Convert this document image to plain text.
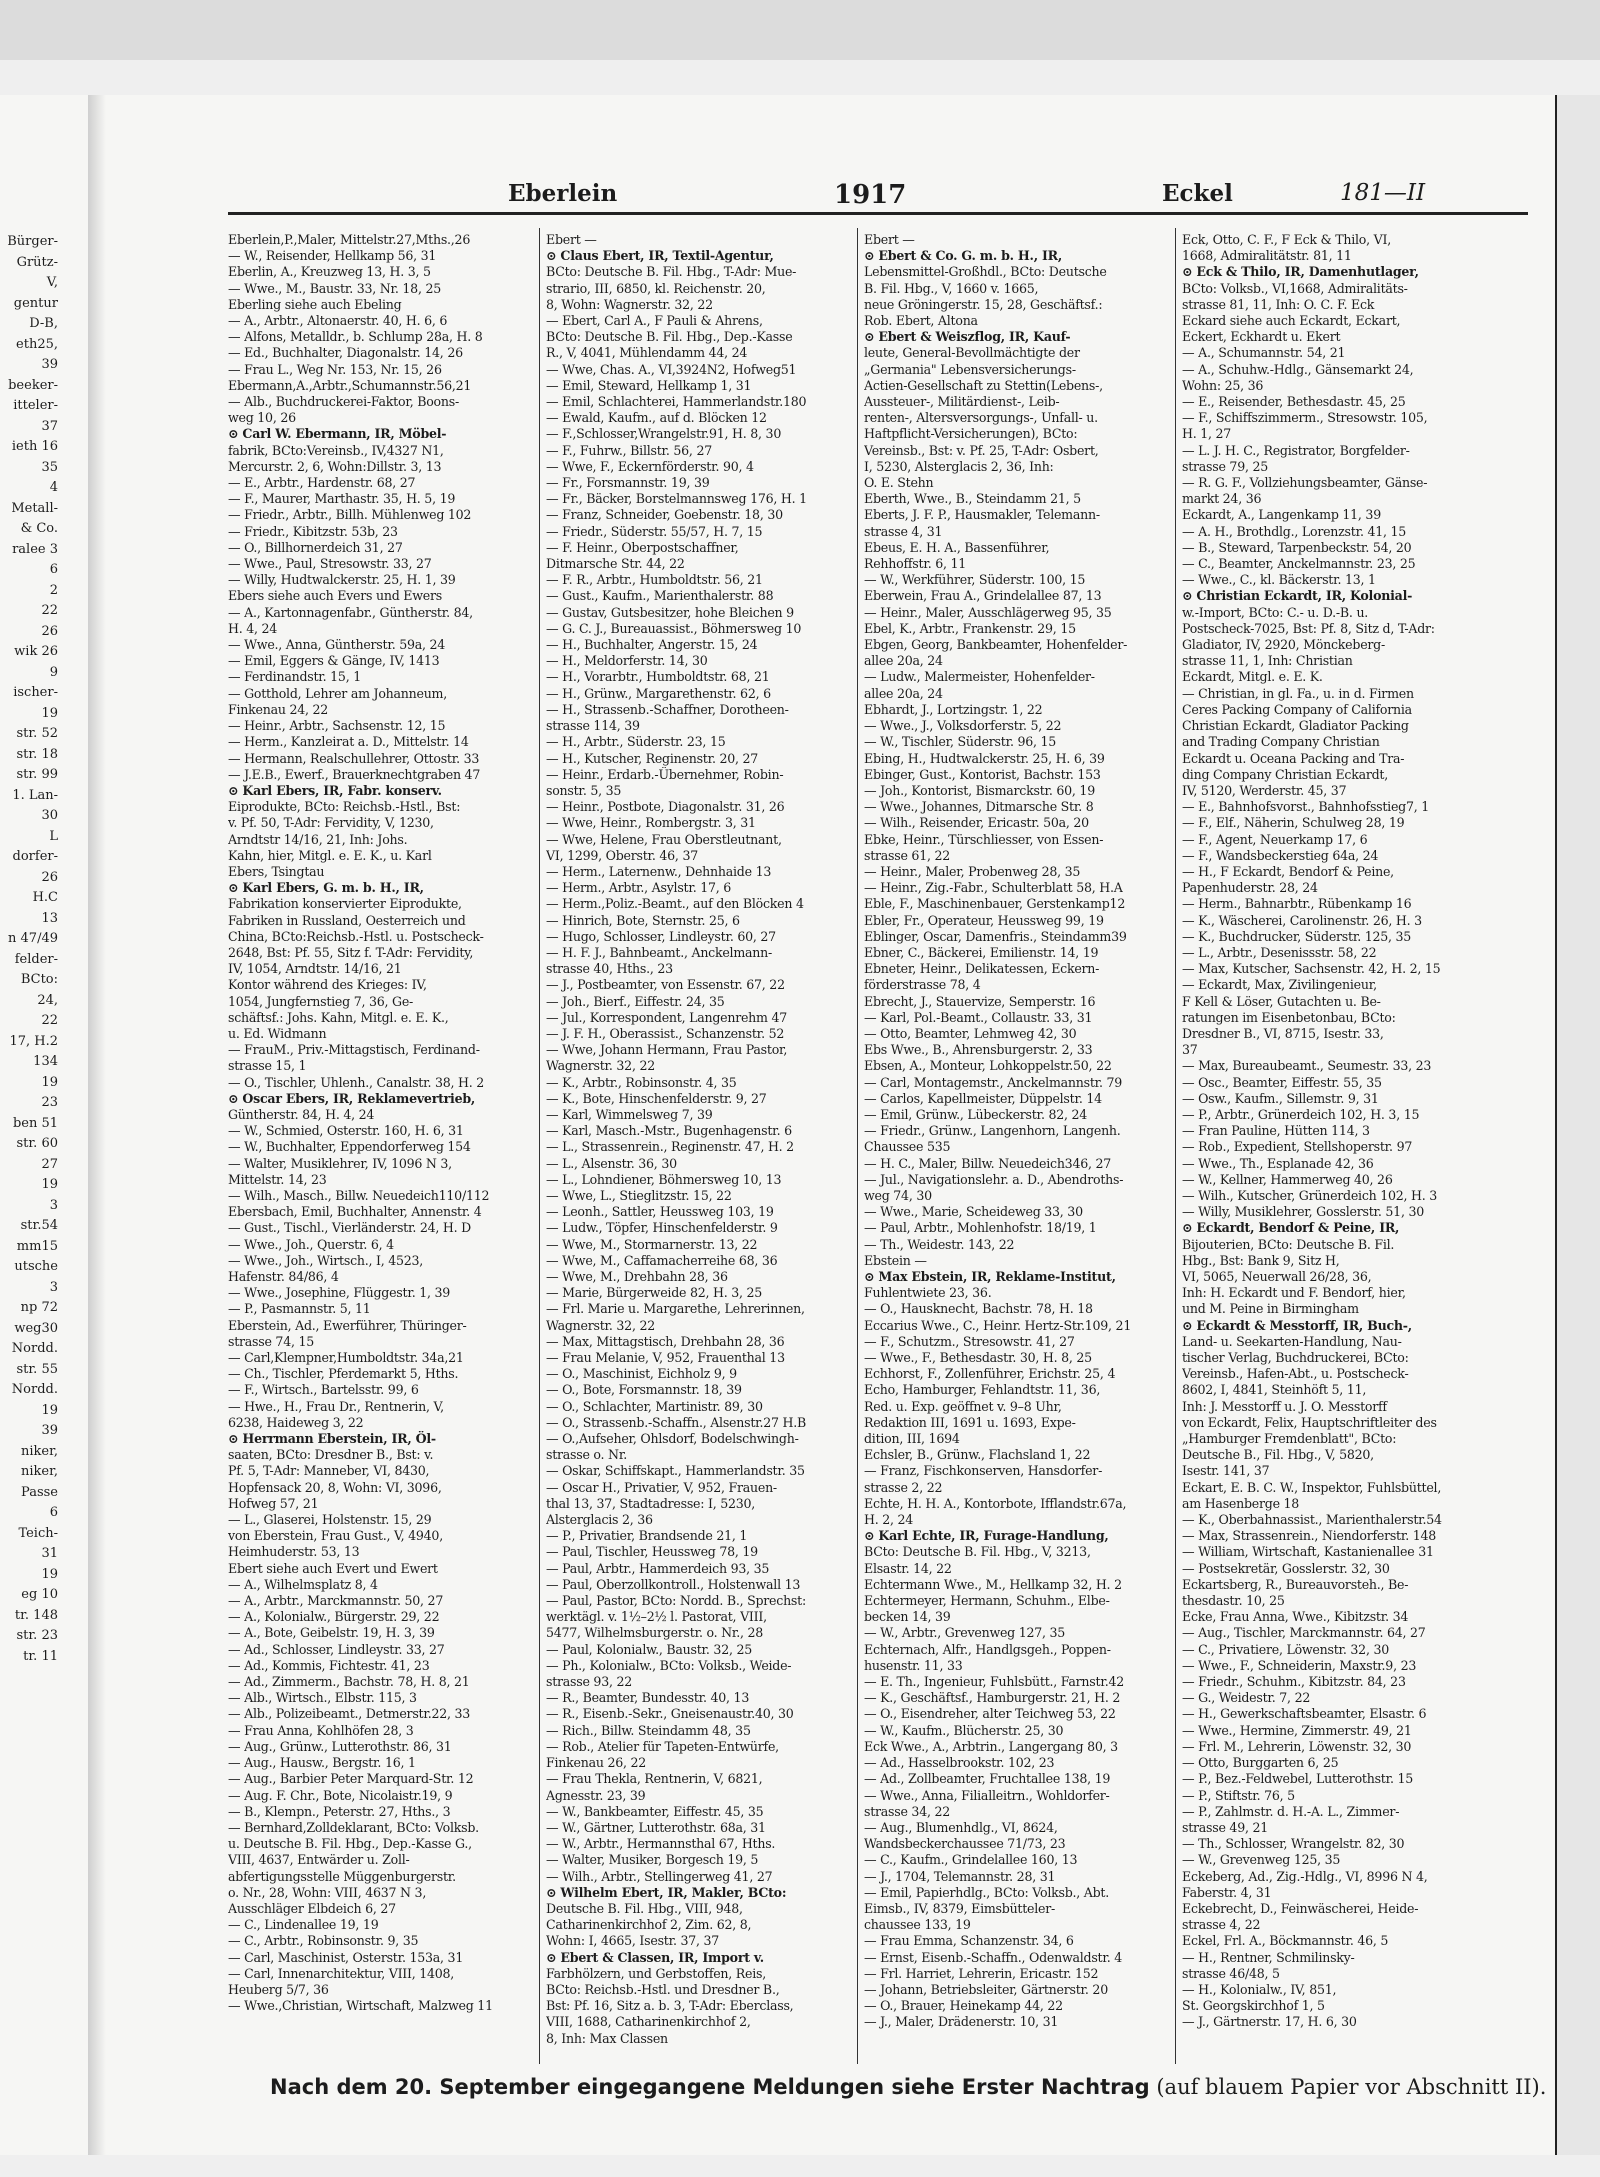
Eberlein	1917	Eckel	181—II
Bürger-
Grütz-
V,
gentur
D-B,
eth25,
39
beeker-
itteler-
37
ieth 16
35
4
Metall-
& Co.
ralee 3
6
2
22
26
wik 26
9
ischer-
19
str. 52
str. 18
str. 99
1. Lan-
30
L
dorfer-
26
H.C
13
n 47/49
felder-
BCto:
24,
22
17, H.2
134
19
23
ben 51
str. 60
27
19
3
str.54
mm15
utsche
3
np 72
weg30
Nordd.
str. 55
Nordd.
19
39
niker,
niker,
Passe
6
Teich-
31
19
eg 10
tr. 148
str. 23
tr. 11
Eberlein,P.,Maler, Mittelstr.27,Mths.,26
— W., Reisender, Hellkamp 56, 31
Eberlin, A., Kreuzweg 13, H. 3, 5
— Wwe., M., Baustr. 33, Nr. 18, 25
Eberling siehe auch Ebeling
— A., Arbtr., Altonaerstr. 40, H. 6, 6
— Alfons, Metalldr., b. Schlump 28a, H. 8
— Ed., Buchhalter, Diagonalstr. 14, 26
— Frau L., Weg Nr. 153, Nr. 15, 26
Ebermann,A.,Arbtr.,Schumannstr.56,21
— Alb., Buchdruckerei-Faktor, Boons-
weg 10, 26
⊙ Carl W. Ebermann, IR, Möbel-
fabrik, BCto:Vereinsb., IV,4327 N1,
Mercurstr. 2, 6, Wohn:Dillstr. 3, 13
— E., Arbtr., Hardenstr. 68, 27
— F., Maurer, Marthastr. 35, H. 5, 19
— Friedr., Arbtr., Billh. Mühlenweg 102
— Friedr., Kibitzstr. 53b, 23
— O., Billhornerdeich 31, 27
— Wwe., Paul, Stresowstr. 33, 27
— Willy, Hudtwalckerstr. 25, H. 1, 39
Ebers siehe auch Evers und Ewers
— A., Kartonnagenfabr., Güntherstr. 84,
H. 4, 24
— Wwe., Anna, Güntherstr. 59a, 24
— Emil, Eggers & Gänge, IV, 1413
— Ferdinandstr. 15, 1
— Gotthold, Lehrer am Johanneum,
Finkenau 24, 22
— Heinr., Arbtr., Sachsenstr. 12, 15
— Herm., Kanzleirat a. D., Mittelstr. 14
— Hermann, Realschullehrer, Ottostr. 33
— J.E.B., Ewerf., Brauerknechtgraben 47
⊙ Karl Ebers, IR, Fabr. konserv.
Eiprodukte, BCto: Reichsb.-Hstl., Bst:
v. Pf. 50, T-Adr: Fervidity, V, 1230,
Arndtstr 14/16, 21, Inh: Johs.
Kahn, hier, Mitgl. e. E. K., u. Karl
Ebers, Tsingtau
⊙ Karl Ebers, G. m. b. H., IR,
Fabrikation konservierter Eiprodukte,
Fabriken in Russland, Oesterreich und
China, BCto:Reichsb.-Hstl. u. Postscheck-
2648, Bst: Pf. 55, Sitz f. T-Adr: Fervidity,
IV, 1054, Arndtstr. 14/16, 21
Kontor während des Krieges: IV,
1054, Jungfernstieg 7, 36, Ge-
schäftsf.: Johs. Kahn, Mitgl. e. E. K.,
u. Ed. Widmann
— FrauM., Priv.-Mittagstisch, Ferdinand-
strasse 15, 1
— O., Tischler, Uhlenh., Canalstr. 38, H. 2
⊙ Oscar Ebers, IR, Reklamevertrieb,
Güntherstr. 84, H. 4, 24
— W., Schmied, Osterstr. 160, H. 6, 31
— W., Buchhalter, Eppendorferweg 154
— Walter, Musiklehrer, IV, 1096 N 3,
Mittelstr. 14, 23
— Wilh., Masch., Billw. Neuedeich110/112
Ebersbach, Emil, Buchhalter, Annenstr. 4
— Gust., Tischl., Vierländerstr. 24, H. D
— Wwe., Joh., Querstr. 6, 4
— Wwe., Joh., Wirtsch., I, 4523,
Hafenstr. 84/86, 4
— Wwe., Josephine, Flüggestr. 1, 39
— P., Pasmannstr. 5, 11
Eberstein, Ad., Ewerführer, Thüringer-
strasse 74, 15
— Carl,Klempner,Humboldtstr. 34a,21
— Ch., Tischler, Pferdemarkt 5, Hths.
— F., Wirtsch., Bartelsstr. 99, 6
— Hwe., H., Frau Dr., Rentnerin, V,
6238, Haideweg 3, 22
⊙ Herrmann Eberstein, IR, Öl-
saaten, BCto: Dresdner B., Bst: v.
Pf. 5, T-Adr: Manneber, VI, 8430,
Hopfensack 20, 8, Wohn: VI, 3096,
Hofweg 57, 21
— L., Glaserei, Holstenstr. 15, 29
von Eberstein, Frau Gust., V, 4940,
Heimhuderstr. 53, 13
Ebert siehe auch Evert und Ewert
— A., Wilhelmsplatz 8, 4
— A., Arbtr., Marckmannstr. 50, 27
— A., Kolonialw., Bürgerstr. 29, 22
— A., Bote, Geibelstr. 19, H. 3, 39
— Ad., Schlosser, Lindleystr. 33, 27
— Ad., Kommis, Fichtestr. 41, 23
— Ad., Zimmerm., Bachstr. 78, H. 8, 21
— Alb., Wirtsch., Elbstr. 115, 3
— Alb., Polizeibeamt., Detmerstr.22, 33
— Frau Anna, Kohlhöfen 28, 3
— Aug., Grünw., Lutterothstr. 86, 31
— Aug., Hausw., Bergstr. 16, 1
— Aug., Barbier Peter Marquard-Str. 12
— Aug. F. Chr., Bote, Nicolaistr.19, 9
— B., Klempn., Peterstr. 27, Hths., 3
— Bernhard,Zolldeklarant, BCto: Volksb.
u. Deutsche B. Fil. Hbg., Dep.-Kasse G.,
VIII, 4637, Entwärder u. Zoll-
abfertigungsstelle Müggenburgerstr.
o. Nr., 28, Wohn: VIII, 4637 N 3,
Ausschläger Elbdeich 6, 27
— C., Lindenallee 19, 19
— C., Arbtr., Robinsonstr. 9, 35
— Carl, Maschinist, Osterstr. 153a, 31
— Carl, Innenarchitektur, VIII, 1408,
Heuberg 5/7, 36
— Wwe.,Christian, Wirtschaft, Malzweg 11
Ebert —
⊙ Claus Ebert, IR, Textil-Agentur,
BCto: Deutsche B. Fil. Hbg., T-Adr: Mue-
strario, III, 6850, kl. Reichenstr. 20,
8, Wohn: Wagnerstr. 32, 22
— Ebert, Carl A., F Pauli & Ahrens,
BCto: Deutsche B. Fil. Hbg., Dep.-Kasse
R., V, 4041, Mühlendamm 44, 24
— Wwe, Chas. A., VI,3924N2, Hofweg51
— Emil, Steward, Hellkamp 1, 31
— Emil, Schlachterei, Hammerlandstr.180
— Ewald, Kaufm., auf d. Blöcken 12
— F.,Schlosser,Wrangelstr.91, H. 8, 30
— F., Fuhrw., Billstr. 56, 27
— Wwe, F., Eckernförderstr. 90, 4
— Fr., Forsmannstr. 19, 39
— Fr., Bäcker, Borstelmannsweg 176, H. 1
— Franz, Schneider, Goebenstr. 18, 30
— Friedr., Süderstr. 55/57, H. 7, 15
— F. Heinr., Oberpostschaffner,
Ditmarsche Str. 44, 22
— F. R., Arbtr., Humboldtstr. 56, 21
— Gust., Kaufm., Marienthalerstr. 88
— Gustav, Gutsbesitzer, hohe Bleichen 9
— G. C. J., Bureauassist., Böhmersweg 10
— H., Buchhalter, Angerstr. 15, 24
— H., Meldorferstr. 14, 30
— H., Vorarbtr., Humboldtstr. 68, 21
— H., Grünw., Margarethenstr. 62, 6
— H., Strassenb.-Schaffner, Dorotheen-
strasse 114, 39
— H., Arbtr., Süderstr. 23, 15
— H., Kutscher, Reginenstr. 20, 27
— Heinr., Erdarb.-Übernehmer, Robin-
sonstr. 5, 35
— Heinr., Postbote, Diagonalstr. 31, 26
— Wwe, Heinr., Rombergstr. 3, 31
— Wwe, Helene, Frau Oberstleutnant,
VI, 1299, Oberstr. 46, 37
— Herm., Laternenw., Dehnhaide 13
— Herm., Arbtr., Asylstr. 17, 6
— Herm.,Poliz.-Beamt., auf den Blöcken 4
— Hinrich, Bote, Sternstr. 25, 6
— Hugo, Schlosser, Lindleystr. 60, 27
— H. F. J., Bahnbeamt., Anckelmann-
strasse 40, Hths., 23
— J., Postbeamter, von Essenstr. 67, 22
— Joh., Bierf., Eiffestr. 24, 35
— Jul., Korrespondent, Langenrehm 47
— J. F. H., Oberassist., Schanzenstr. 52
— Wwe, Johann Hermann, Frau Pastor,
Wagnerstr. 32, 22
— K., Arbtr., Robinsonstr. 4, 35
— K., Bote, Hinschenfelderstr. 9, 27
— Karl, Wimmelsweg 7, 39
— Karl, Masch.-Mstr., Bugenhagenstr. 6
— L., Strassenrein., Reginenstr. 47, H. 2
— L., Alsenstr. 36, 30
— L., Lohndiener, Böhmersweg 10, 13
— Wwe, L., Stieglitzstr. 15, 22
— Leonh., Sattler, Heussweg 103, 19
— Ludw., Töpfer, Hinschenfelderstr. 9
— Wwe, M., Stormarnerstr. 13, 22
— Wwe, M., Caffamacherreihe 68, 36
— Wwe, M., Drehbahn 28, 36
— Marie, Bürgerweide 82, H. 3, 25
— Frl. Marie u. Margarethe, Lehrerinnen,
Wagnerstr. 32, 22
— Max, Mittagstisch, Drehbahn 28, 36
— Frau Melanie, V, 952, Frauenthal 13
— O., Maschinist, Eichholz 9, 9
— O., Bote, Forsmannstr. 18, 39
— O., Schlachter, Martinistr. 89, 30
— O., Strassenb.-Schaffn., Alsenstr.27 H.B
— O.,Aufseher, Ohlsdorf, Bodelschwingh-
strasse o. Nr.
— Oskar, Schiffskapt., Hammerlandstr. 35
— Oscar H., Privatier, V, 952, Frauen-
thal 13, 37, Stadtadresse: I, 5230,
Alsterglacis 2, 36
— P., Privatier, Brandsende 21, 1
— Paul, Tischler, Heussweg 78, 19
— Paul, Arbtr., Hammerdeich 93, 35
— Paul, Oberzollkontroll., Holstenwall 13
— Paul, Pastor, BCto: Nordd. B., Sprechst:
werktägl. v. 1½–2½ l. Pastorat, VIII,
5477, Wilhelmsburgerstr. o. Nr., 28
— Paul, Kolonialw., Baustr. 32, 25
— Ph., Kolonialw., BCto: Volksb., Weide-
strasse 93, 22
— R., Beamter, Bundesstr. 40, 13
— R., Eisenb.-Sekr., Gneisenaustr.40, 30
— Rich., Billw. Steindamm 48, 35
— Rob., Atelier für Tapeten-Entwürfe,
Finkenau 26, 22
— Frau Thekla, Rentnerin, V, 6821,
Agnesstr. 23, 39
— W., Bankbeamter, Eiffestr. 45, 35
— W., Gärtner, Lutterothstr. 68a, 31
— W., Arbtr., Hermannsthal 67, Hths.
— Walter, Musiker, Borgesch 19, 5
— Wilh., Arbtr., Stellingerweg 41, 27
⊙ Wilhelm Ebert, IR, Makler, BCto:
Deutsche B. Fil. Hbg., VIII, 948,
Catharinenkirchhof 2, Zim. 62, 8,
Wohn: I, 4665, Isestr. 37, 37
⊙ Ebert & Classen, IR, Import v.
Farbhölzern, und Gerbstoffen, Reis,
BCto: Reichsb.-Hstl. und Dresdner B.,
Bst: Pf. 16, Sitz a. b. 3, T-Adr: Eberclass,
VIII, 1688, Catharinenkirchhof 2,
8, Inh: Max Classen
Ebert —
⊙ Ebert & Co. G. m. b. H., IR,
Lebensmittel-Großhdl., BCto: Deutsche
B. Fil. Hbg., V, 1660 v. 1665,
neue Gröningerstr. 15, 28, Geschäftsf.:
Rob. Ebert, Altona
⊙ Ebert & Weiszflog, IR, Kauf-
leute, General-Bevollmächtigte der
„Germania" Lebensversicherungs-
Actien-Gesellschaft zu Stettin(Lebens-,
Aussteuer-, Militärdienst-, Leib-
renten-, Altersversorgungs-, Unfall- u.
Haftpflicht-Versicherungen), BCto:
Vereinsb., Bst: v. Pf. 25, T-Adr: Osbert,
I, 5230, Alsterglacis 2, 36, Inh:
O. E. Stehn
Eberth, Wwe., B., Steindamm 21, 5
Eberts, J. F. P., Hausmakler, Telemann-
strasse 4, 31
Ebeus, E. H. A., Bassenführer,
Rehhoffstr. 6, 11
— W., Werkführer, Süderstr. 100, 15
Eberwein, Frau A., Grindelallee 87, 13
— Heinr., Maler, Ausschlägerweg 95, 35
Ebel, K., Arbtr., Frankenstr. 29, 15
Ebgen, Georg, Bankbeamter, Hohenfelder-
allee 20a, 24
— Ludw., Malermeister, Hohenfelder-
allee 20a, 24
Ebhardt, J., Lortzingstr. 1, 22
— Wwe., J., Volksdorferstr. 5, 22
— W., Tischler, Süderstr. 96, 15
Ebing, H., Hudtwalckerstr. 25, H. 6, 39
Ebinger, Gust., Kontorist, Bachstr. 153
— Joh., Kontorist, Bismarckstr. 60, 19
— Wwe., Johannes, Ditmarsche Str. 8
— Wilh., Reisender, Ericastr. 50a, 20
Ebke, Heinr., Türschliesser, von Essen-
strasse 61, 22
— Heinr., Maler, Probenweg 28, 35
— Heinr., Zig.-Fabr., Schulterblatt 58, H.A
Eble, F., Maschinenbauer, Gerstenkamp12
Ebler, Fr., Operateur, Heussweg 99, 19
Eblinger, Oscar, Damenfris., Steindamm39
Ebner, C., Bäckerei, Emilienstr. 14, 19
Ebneter, Heinr., Delikatessen, Eckern-
förderstrasse 78, 4
Ebrecht, J., Stauervize, Semperstr. 16
— Karl, Pol.-Beamt., Collaustr. 33, 31
— Otto, Beamter, Lehmweg 42, 30
Ebs Wwe., B., Ahrensburgerstr. 2, 33
Ebsen, A., Monteur, Lohkoppelstr.50, 22
— Carl, Montagemstr., Anckelmannstr. 79
— Carlos, Kapellmeister, Düppelstr. 14
— Emil, Grünw., Lübeckerstr. 82, 24
— Friedr., Grünw., Langenhorn, Langenh.
Chaussee 535
— H. C., Maler, Billw. Neuedeich346, 27
— Jul., Navigationslehr. a. D., Abendroths-
weg 74, 30
— Wwe., Marie, Scheideweg 33, 30
— Paul, Arbtr., Mohlenhofstr. 18/19, 1
— Th., Weidestr. 143, 22
Ebstein —
⊙ Max Ebstein, IR, Reklame-Institut,
Fuhlentwiete 23, 36.
— O., Hausknecht, Bachstr. 78, H. 18
Eccarius Wwe., C., Heinr. Hertz-Str.109, 21
— F., Schutzm., Stresowstr. 41, 27
— Wwe., F., Bethesdastr. 30, H. 8, 25
Echhorst, F., Zollenführer, Erichstr. 25, 4
Echo, Hamburger, Fehlandtstr. 11, 36,
Red. u. Exp. geöffnet v. 9–8 Uhr,
Redaktion III, 1691 u. 1693, Expe-
dition, III, 1694
Echsler, B., Grünw., Flachsland 1, 22
— Franz, Fischkonserven, Hansdorfer-
strasse 2, 22
Echte, H. H. A., Kontorbote, Ifflandstr.67a,
H. 2, 24
⊙ Karl Echte, IR, Furage-Handlung,
BCto: Deutsche B. Fil. Hbg., V, 3213,
Elsastr. 14, 22
Echtermann Wwe., M., Hellkamp 32, H. 2
Echtermeyer, Hermann, Schuhm., Elbe-
becken 14, 39
— W., Arbtr., Grevenweg 127, 35
Echternach, Alfr., Handlgsgeh., Poppen-
husenstr. 11, 33
— E. Th., Ingenieur, Fuhlsbütt., Farnstr.42
— K., Geschäftsf., Hamburgerstr. 21, H. 2
— O., Eisendreher, alter Teichweg 53, 22
— W., Kaufm., Blücherstr. 25, 30
Eck Wwe., A., Arbtrin., Langergang 80, 3
— Ad., Hasselbrookstr. 102, 23
— Ad., Zollbeamter, Fruchtallee 138, 19
— Wwe., Anna, Filialleitrn., Wohldorfer-
strasse 34, 22
— Aug., Blumenhdlg., VI, 8624,
Wandsbeckerchaussee 71/73, 23
— C., Kaufm., Grindelallee 160, 13
— J., 1704, Telemannstr. 28, 31
— Emil, Papierhdlg., BCto: Volksb., Abt.
Eimsb., IV, 8379, Eimsbütteler-
chaussee 133, 19
— Frau Emma, Schanzenstr. 34, 6
— Ernst, Eisenb.-Schaffn., Odenwaldstr. 4
— Frl. Harriet, Lehrerin, Ericastr. 152
— Johann, Betriebsleiter, Gärtnerstr. 20
— O., Brauer, Heinekamp 44, 22
— J., Maler, Drädenerstr. 10, 31
Eck, Otto, C. F., F Eck & Thilo, VI,
1668, Admiralitätstr. 81, 11
⊙ Eck & Thilo, IR, Damenhutlager,
BCto: Volksb., VI,1668, Admiralitäts-
strasse 81, 11, Inh: O. C. F. Eck
Eckard siehe auch Eckardt, Eckart,
Eckert, Eckhardt u. Ekert
— A., Schumannstr. 54, 21
— A., Schuhw.-Hdlg., Gänsemarkt 24,
Wohn: 25, 36
— E., Reisender, Bethesdastr. 45, 25
— F., Schiffszimmerm., Stresowstr. 105,
H. 1, 27
— L. J. H. C., Registrator, Borgfelder-
strasse 79, 25
— R. G. F., Vollziehungsbeamter, Gänse-
markt 24, 36
Eckardt, A., Langenkamp 11, 39
— A. H., Brothdlg., Lorenzstr. 41, 15
— B., Steward, Tarpenbeckstr. 54, 20
— C., Beamter, Anckelmannstr. 23, 25
— Wwe., C., kl. Bäckerstr. 13, 1
⊙ Christian Eckardt, IR, Kolonial-
w.-Import, BCto: C.- u. D.-B. u.
Postscheck-7025, Bst: Pf. 8, Sitz d, T-Adr:
Gladiator, IV, 2920, Mönckeberg-
strasse 11, 1, Inh: Christian
Eckardt, Mitgl. e. E. K.
— Christian, in gl. Fa., u. in d. Firmen
Ceres Packing Company of California
Christian Eckardt, Gladiator Packing
and Trading Company Christian
Eckardt u. Oceana Packing and Tra-
ding Company Christian Eckardt,
IV, 5120, Werderstr. 45, 37
— E., Bahnhofsvorst., Bahnhofsstieg7, 1
— F., Elf., Näherin, Schulweg 28, 19
— F., Agent, Neuerkamp 17, 6
— F., Wandsbeckerstieg 64a, 24
— H., F Eckardt, Bendorf & Peine,
Papenhuderstr. 28, 24
— Herm., Bahnarbtr., Rübenkamp 16
— K., Wäscherei, Carolinenstr. 26, H. 3
— K., Buchdrucker, Süderstr. 125, 35
— L., Arbtr., Desenissstr. 58, 22
— Max, Kutscher, Sachsenstr. 42, H. 2, 15
— Eckardt, Max, Zivilingenieur,
F Kell & Löser, Gutachten u. Be-
ratungen im Eisenbetonbau, BCto:
Dresdner B., VI, 8715, Isestr. 33,
37
— Max, Bureaubeamt., Seumestr. 33, 23
— Osc., Beamter, Eiffestr. 55, 35
— Osw., Kaufm., Sillemstr. 9, 31
— P., Arbtr., Grünerdeich 102, H. 3, 15
— Fran Pauline, Hütten 114, 3
— Rob., Expedient, Stellshoperstr. 97
— Wwe., Th., Esplanade 42, 36
— W., Kellner, Hammerweg 40, 26
— Wilh., Kutscher, Grünerdeich 102, H. 3
— Willy, Musiklehrer, Gosslerstr. 51, 30
⊙ Eckardt, Bendorf & Peine, IR,
Bijouterien, BCto: Deutsche B. Fil.
Hbg., Bst: Bank 9, Sitz H,
VI, 5065, Neuerwall 26/28, 36,
Inh: H. Eckardt und F. Bendorf, hier,
und M. Peine in Birmingham
⊙ Eckardt & Messtorff, IR, Buch-,
Land- u. Seekarten-Handlung, Nau-
tischer Verlag, Buchdruckerei, BCto:
Vereinsb., Hafen-Abt., u. Postscheck-
8602, I, 4841, Steinhöft 5, 11,
Inh: J. Messtorff u. J. O. Messtorff
von Eckardt, Felix, Hauptschriftleiter des
„Hamburger Fremdenblatt", BCto:
Deutsche B., Fil. Hbg., V, 5820,
Isestr. 141, 37
Eckart, E. B. C. W., Inspektor, Fuhlsbüttel,
am Hasenberge 18
— K., Oberbahnassist., Marienthalerstr.54
— Max, Strassenrein., Niendorferstr. 148
— William, Wirtschaft, Kastanienallee 31
— Postsekretär, Gosslerstr. 32, 30
Eckartsberg, R., Bureauvorsteh., Be-
thesdastr. 10, 25
Ecke, Frau Anna, Wwe., Kibitzstr. 34
— Aug., Tischler, Marckmannstr. 64, 27
— C., Privatiere, Löwenstr. 32, 30
— Wwe., F., Schneiderin, Maxstr.9, 23
— Friedr., Schuhm., Kibitzstr. 84, 23
— G., Weidestr. 7, 22
— H., Gewerkschaftsbeamter, Elsastr. 6
— Wwe., Hermine, Zimmerstr. 49, 21
— Frl. M., Lehrerin, Löwenstr. 32, 30
— Otto, Burggarten 6, 25
— P., Bez.-Feldwebel, Lutterothstr. 15
— P., Stiftstr. 76, 5
— P., Zahlmstr. d. H.-A. L., Zimmer-
strasse 49, 21
— Th., Schlosser, Wrangelstr. 82, 30
— W., Grevenweg 125, 35
Eckeberg, Ad., Zig.-Hdlg., VI, 8996 N 4,
Faberstr. 4, 31
Eckebrecht, D., Feinwäscherei, Heide-
strasse 4, 22
Eckel, Frl. A., Böckmannstr. 46, 5
— H., Rentner, Schmilinsky-
strasse 46/48, 5
— H., Kolonialw., IV, 851,
St. Georgskirchhof 1, 5
— J., Gärtnerstr. 17, H. 6, 30
Nach dem 20. September eingegangene Meldungen siehe Erster Nachtrag (auf blauem Papier vor Abschnitt II).
